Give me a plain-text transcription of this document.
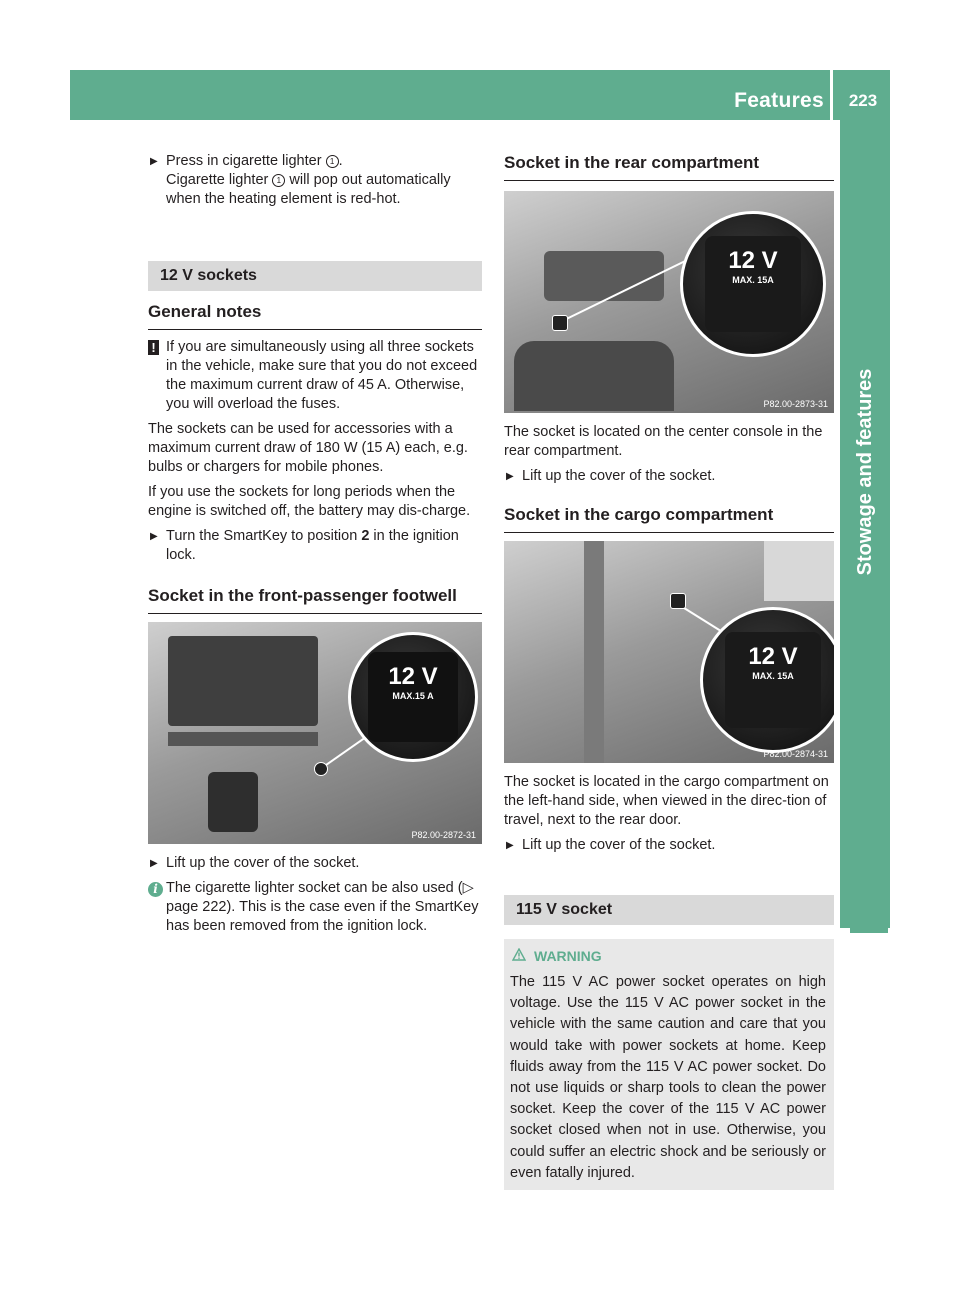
Features	223
Stowage and features
▶ Press in cigarette lighter 1 .
Cigarette lighter 1 will pop out automatically when the heating element is red-hot.
12 V sockets
General notes
! If you are simultaneously using all three sockets in the vehicle, make sure that you do not exceed the maximum current draw of 45 A. Otherwise, you will overload the fuses.

The sockets can be used for accessories with a maximum current draw of 180 W (15 A) each, e.g. bulbs or chargers for mobile phones.

If you use the sockets for long periods when the engine is switched off, the battery may dis-charge.

▶ Turn the SmartKey to position 2 in the ignition lock.
Socket in the front-passenger footwell
12 V
MAX.15 A
P82.00-2872-31
▶ Lift up the cover of the socket.
i The cigarette lighter socket can be also used (▷ page 222). This is the case even if the SmartKey has been removed from the ignition lock.
Socket in the rear compartment
12 V
MAX. 15A
P82.00-2873-31

The socket is located on the center console in the rear compartment.

▶ Lift up the cover of the socket.
Socket in the cargo compartment
12 V
MAX. 15A
P82.00-2874-31

The socket is located in the cargo compartment on the left-hand side, when viewed in the direc-tion of travel, next to the rear door.

▶ Lift up the cover of the socket.
115 V socket
WARNING

The 115 V AC power socket operates on high voltage. Use the 115 V AC power socket in the vehicle with the same caution and care that you would take with power sockets at home. Keep fluids away from the 115 V AC power socket. Do not use liquids or sharp tools to clean the power socket. Keep the cover of the 115 V AC power socket closed when not in use. Otherwise, you could suffer an electric shock and be seriously or even fatally injured.
